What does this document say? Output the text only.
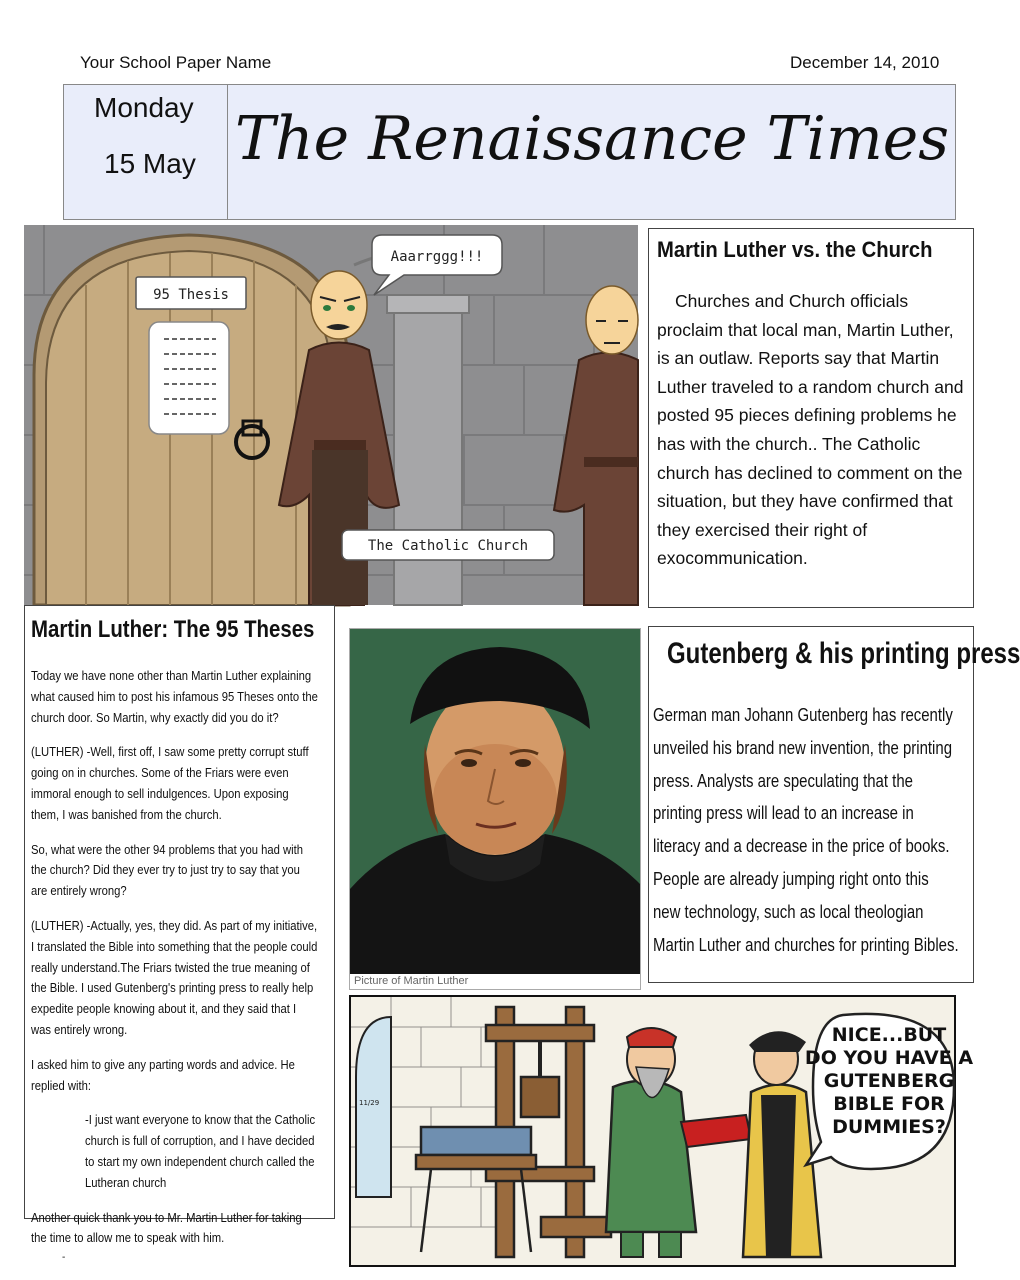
Your School Paper Name	December 14, 2010
Monday
15 May The Renaissance Times
95 Thesis
Aaarrggg!!!
The Catholic Church
Martin Luther vs. the Church

Churches and Church officials proclaim that local man, Martin Luther, is an outlaw. Reports say that Martin Luther traveled to a random church and posted 95 pieces defining problems he has with the church.. The Catholic church has declined to comment on the situation, but they have confirmed that they exercised their right of exocommunication.

Martin Luther: The 95 Theses

Today we have none other than Martin Luther explaining what caused him to post his infamous 95 Theses onto the church door. So Martin, why exactly did you do it?

(LUTHER) -Well, first off, I saw some pretty corrupt stuff going on in churches. Some of the Friars were even immoral enough to sell indulgences. Upon exposing them, I was banished from the church.

So, what were the other 94 problems that you had with the church? Did they ever try to just try to say that you are entirely wrong?

(LUTHER) -Actually, yes, they did. As part of my initiative, I translated the Bible into something that the people could really understand.The Friars twisted the true meaning of the Bible. I used Gutenberg's printing press to really help expedite people knowing about it, and they said that I was entirely wrong.

I asked him to give any parting words and advice. He replied with:

-I just want everyone to know that the Catholic church is full of corruption, and I have decided to start my own independent church called the Lutheran church

Another quick thank you to Mr. Martin Luther for taking the time to allow me to speak with him.

Picture of Martin Luther
Gutenberg & his printing press

German man Johann Gutenberg has recently unveiled his brand new invention, the printing press. Analysts are speculating that the printing press will lead to an increase in literacy and a decrease in the price of books. People are already jumping right onto this new technology, such as local theologian Martin Luther and churches for printing Bibles.

11/29
NICE...BUT
DO YOU HAVE A
GUTENBERG
BIBLE FOR
DUMMIES?
-
